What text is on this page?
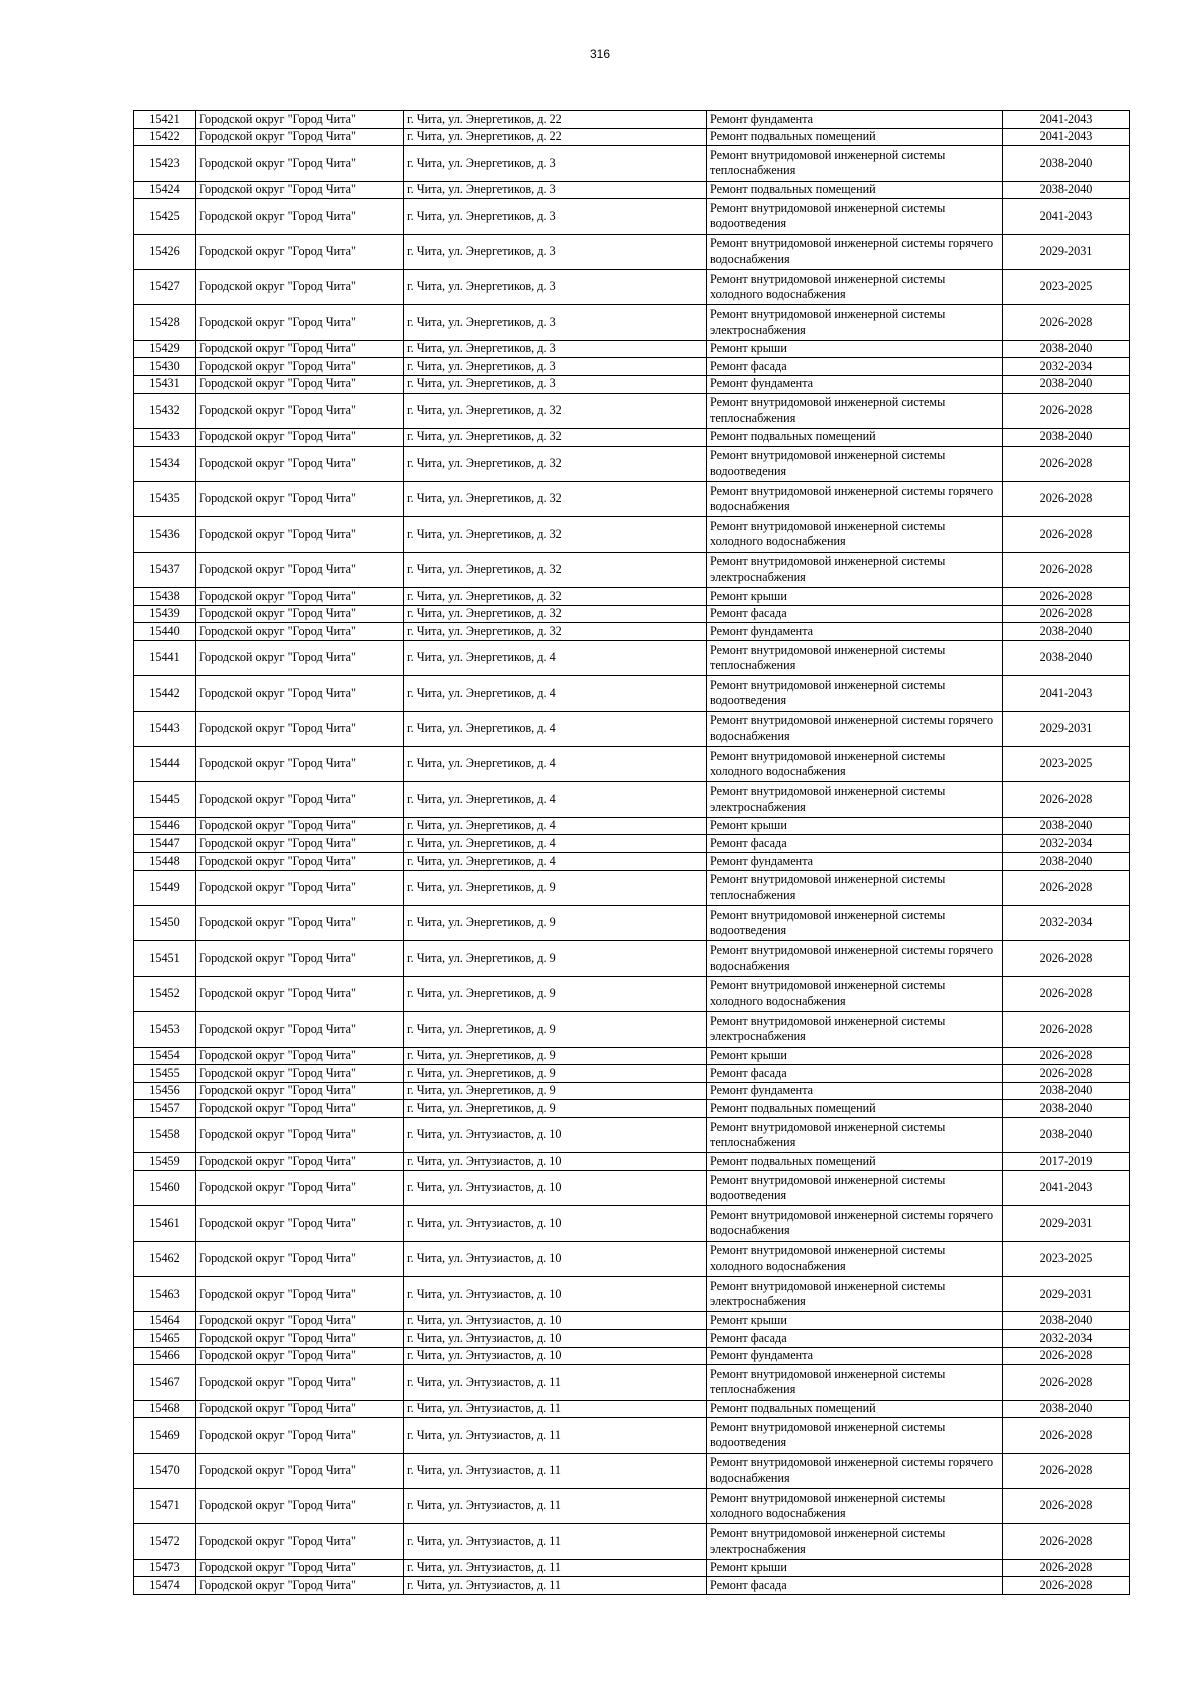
316
15421	Городской округ "Город Чита"	г. Чита, ул. Энергетиков, д. 22	Ремонт фундамента	2041-2043
15422	Городской округ "Город Чита"	г. Чита, ул. Энергетиков, д. 22	Ремонт подвальных помещений	2041-2043
15423	Городской округ "Город Чита"	г. Чита, ул. Энергетиков, д. 3	Ремонт внутридомовой инженерной системы теплоснабжения	2038-2040
15424	Городской округ "Город Чита"	г. Чита, ул. Энергетиков, д. 3	Ремонт подвальных помещений	2038-2040
15425	Городской округ "Город Чита"	г. Чита, ул. Энергетиков, д. 3	Ремонт внутридомовой инженерной системы водоотведения	2041-2043
15426	Городской округ "Город Чита"	г. Чита, ул. Энергетиков, д. 3	Ремонт внутридомовой инженерной системы горячего водоснабжения	2029-2031
15427	Городской округ "Город Чита"	г. Чита, ул. Энергетиков, д. 3	Ремонт внутридомовой инженерной системы холодного водоснабжения	2023-2025
15428	Городской округ "Город Чита"	г. Чита, ул. Энергетиков, д. 3	Ремонт внутридомовой инженерной системы электроснабжения	2026-2028
15429	Городской округ "Город Чита"	г. Чита, ул. Энергетиков, д. 3	Ремонт крыши	2038-2040
15430	Городской округ "Город Чита"	г. Чита, ул. Энергетиков, д. 3	Ремонт фасада	2032-2034
15431	Городской округ "Город Чита"	г. Чита, ул. Энергетиков, д. 3	Ремонт фундамента	2038-2040
15432	Городской округ "Город Чита"	г. Чита, ул. Энергетиков, д. 32	Ремонт внутридомовой инженерной системы теплоснабжения	2026-2028
15433	Городской округ "Город Чита"	г. Чита, ул. Энергетиков, д. 32	Ремонт подвальных помещений	2038-2040
15434	Городской округ "Город Чита"	г. Чита, ул. Энергетиков, д. 32	Ремонт внутридомовой инженерной системы водоотведения	2026-2028
15435	Городской округ "Город Чита"	г. Чита, ул. Энергетиков, д. 32	Ремонт внутридомовой инженерной системы горячего водоснабжения	2026-2028
15436	Городской округ "Город Чита"	г. Чита, ул. Энергетиков, д. 32	Ремонт внутридомовой инженерной системы холодного водоснабжения	2026-2028
15437	Городской округ "Город Чита"	г. Чита, ул. Энергетиков, д. 32	Ремонт внутридомовой инженерной системы электроснабжения	2026-2028
15438	Городской округ "Город Чита"	г. Чита, ул. Энергетиков, д. 32	Ремонт крыши	2026-2028
15439	Городской округ "Город Чита"	г. Чита, ул. Энергетиков, д. 32	Ремонт фасада	2026-2028
15440	Городской округ "Город Чита"	г. Чита, ул. Энергетиков, д. 32	Ремонт фундамента	2038-2040
15441	Городской округ "Город Чита"	г. Чита, ул. Энергетиков, д. 4	Ремонт внутридомовой инженерной системы теплоснабжения	2038-2040
15442	Городской округ "Город Чита"	г. Чита, ул. Энергетиков, д. 4	Ремонт внутридомовой инженерной системы водоотведения	2041-2043
15443	Городской округ "Город Чита"	г. Чита, ул. Энергетиков, д. 4	Ремонт внутридомовой инженерной системы горячего водоснабжения	2029-2031
15444	Городской округ "Город Чита"	г. Чита, ул. Энергетиков, д. 4	Ремонт внутридомовой инженерной системы холодного водоснабжения	2023-2025
15445	Городской округ "Город Чита"	г. Чита, ул. Энергетиков, д. 4	Ремонт внутридомовой инженерной системы электроснабжения	2026-2028
15446	Городской округ "Город Чита"	г. Чита, ул. Энергетиков, д. 4	Ремонт крыши	2038-2040
15447	Городской округ "Город Чита"	г. Чита, ул. Энергетиков, д. 4	Ремонт фасада	2032-2034
15448	Городской округ "Город Чита"	г. Чита, ул. Энергетиков, д. 4	Ремонт фундамента	2038-2040
15449	Городской округ "Город Чита"	г. Чита, ул. Энергетиков, д. 9	Ремонт внутридомовой инженерной системы теплоснабжения	2026-2028
15450	Городской округ "Город Чита"	г. Чита, ул. Энергетиков, д. 9	Ремонт внутридомовой инженерной системы водоотведения	2032-2034
15451	Городской округ "Город Чита"	г. Чита, ул. Энергетиков, д. 9	Ремонт внутридомовой инженерной системы горячего водоснабжения	2026-2028
15452	Городской округ "Город Чита"	г. Чита, ул. Энергетиков, д. 9	Ремонт внутридомовой инженерной системы холодного водоснабжения	2026-2028
15453	Городской округ "Город Чита"	г. Чита, ул. Энергетиков, д. 9	Ремонт внутридомовой инженерной системы электроснабжения	2026-2028
15454	Городской округ "Город Чита"	г. Чита, ул. Энергетиков, д. 9	Ремонт крыши	2026-2028
15455	Городской округ "Город Чита"	г. Чита, ул. Энергетиков, д. 9	Ремонт фасада	2026-2028
15456	Городской округ "Город Чита"	г. Чита, ул. Энергетиков, д. 9	Ремонт фундамента	2038-2040
15457	Городской округ "Город Чита"	г. Чита, ул. Энергетиков, д. 9	Ремонт подвальных помещений	2038-2040
15458	Городской округ "Город Чита"	г. Чита, ул. Энтузиастов, д. 10	Ремонт внутридомовой инженерной системы теплоснабжения	2038-2040
15459	Городской округ "Город Чита"	г. Чита, ул. Энтузиастов, д. 10	Ремонт подвальных помещений	2017-2019
15460	Городской округ "Город Чита"	г. Чита, ул. Энтузиастов, д. 10	Ремонт внутридомовой инженерной системы водоотведения	2041-2043
15461	Городской округ "Город Чита"	г. Чита, ул. Энтузиастов, д. 10	Ремонт внутридомовой инженерной системы горячего водоснабжения	2029-2031
15462	Городской округ "Город Чита"	г. Чита, ул. Энтузиастов, д. 10	Ремонт внутридомовой инженерной системы холодного водоснабжения	2023-2025
15463	Городской округ "Город Чита"	г. Чита, ул. Энтузиастов, д. 10	Ремонт внутридомовой инженерной системы электроснабжения	2029-2031
15464	Городской округ "Город Чита"	г. Чита, ул. Энтузиастов, д. 10	Ремонт крыши	2038-2040
15465	Городской округ "Город Чита"	г. Чита, ул. Энтузиастов, д. 10	Ремонт фасада	2032-2034
15466	Городской округ "Город Чита"	г. Чита, ул. Энтузиастов, д. 10	Ремонт фундамента	2026-2028
15467	Городской округ "Город Чита"	г. Чита, ул. Энтузиастов, д. 11	Ремонт внутридомовой инженерной системы теплоснабжения	2026-2028
15468	Городской округ "Город Чита"	г. Чита, ул. Энтузиастов, д. 11	Ремонт подвальных помещений	2038-2040
15469	Городской округ "Город Чита"	г. Чита, ул. Энтузиастов, д. 11	Ремонт внутридомовой инженерной системы водоотведения	2026-2028
15470	Городской округ "Город Чита"	г. Чита, ул. Энтузиастов, д. 11	Ремонт внутридомовой инженерной системы горячего водоснабжения	2026-2028
15471	Городской округ "Город Чита"	г. Чита, ул. Энтузиастов, д. 11	Ремонт внутридомовой инженерной системы холодного водоснабжения	2026-2028
15472	Городской округ "Город Чита"	г. Чита, ул. Энтузиастов, д. 11	Ремонт внутридомовой инженерной системы электроснабжения	2026-2028
15473	Городской округ "Город Чита"	г. Чита, ул. Энтузиастов, д. 11	Ремонт крыши	2026-2028
15474	Городской округ "Город Чита"	г. Чита, ул. Энтузиастов, д. 11	Ремонт фасада	2026-2028
